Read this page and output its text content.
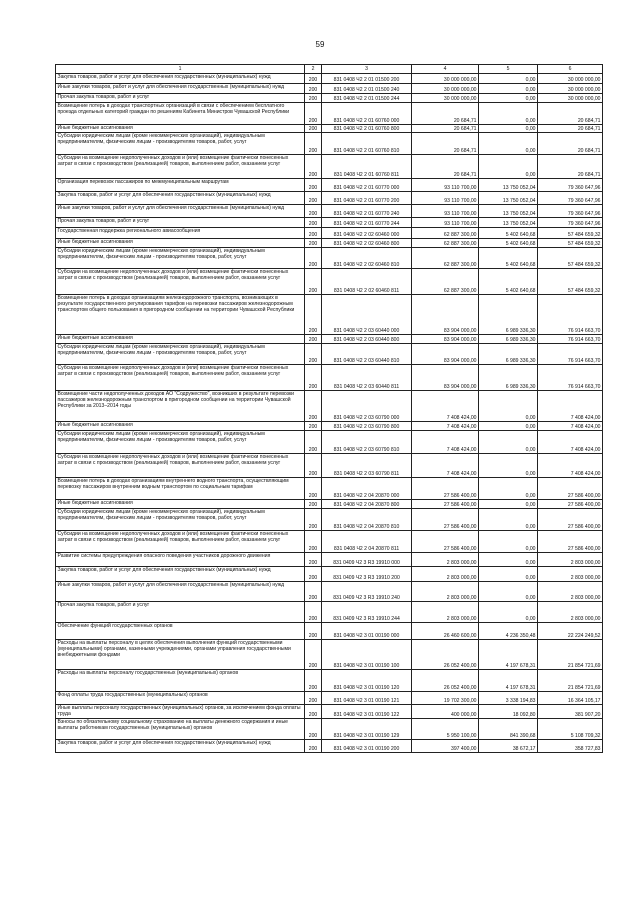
59
1	2	3	4	5	6
Закупка товаров, работ и услуг для обеспечения государственных (муниципальных) нужд	200	831 0408 Ч2 2 01 01500 200	30 000 000,00	0,00	30 000 000,00
Иные закупки товаров, работ и услуг для обеспечения государственных (муниципальных) нужд	200	831 0408 Ч2 2 01 01500 240	30 000 000,00	0,00	30 000 000,00
Прочая закупка товаров, работ и услуг	200	831 0408 Ч2 2 01 01500 244	30 000 000,00	0,00	30 000 000,00
Возмещение потерь в доходах транспортных организаций в связи с обеспечением бесплатного проезда отдельных категорий граждан по решениям Кабинета Министров Чувашской Республики	200	831 0408 Ч2 2 01 60760 000	20 684,71	0,00	20 684,71
Иные бюджетные ассигнования	200	831 0408 Ч2 2 01 60760 800	20 684,71	0,00	20 684,71
Субсидии юридическим лицам (кроме некоммерческих организаций), индивидуальным предпринимателям, физическим лицам - производителям товаров, работ, услуг	200	831 0408 Ч2 2 01 60760 810	20 684,71	0,00	20 684,71
Субсидии на возмещение недополученных доходов и (или) возмещение фактически понесенных затрат в связи с производством (реализацией) товаров, выполнением работ, оказанием услуг	200	831 0408 Ч2 2 01 60760 811	20 684,71	0,00	20 684,71
Организация перевозок пассажиров по межмуниципальным маршрутам	200	831 0408 Ч2 2 01 60770 000	93 110 700,00	13 750 052,04	79 360 647,96
Закупка товаров, работ и услуг для обеспечения государственных (муниципальных) нужд	200	831 0408 Ч2 2 01 60770 200	93 110 700,00	13 750 052,04	79 360 647,96
Иные закупки товаров, работ и услуг для обеспечения государственных (муниципальных) нужд	200	831 0408 Ч2 2 01 60770 240	93 110 700,00	13 750 052,04	79 360 647,96
Прочая закупка товаров, работ и услуг	200	831 0408 Ч2 2 01 60770 244	93 110 700,00	13 750 052,04	79 360 647,96
Государственная поддержка регионального авиасообщения	200	831 0408 Ч2 2 02 60460 000	62 887 300,00	5 402 640,68	57 484 659,32
Иные бюджетные ассигнования	200	831 0408 Ч2 2 02 60460 800	62 887 300,00	5 402 640,68	57 484 659,32
Субсидии юридическим лицам (кроме некоммерческих организаций), индивидуальным предпринимателям, физическим лицам - производителям товаров, работ, услуг	200	831 0408 Ч2 2 02 60460 810	62 887 300,00	5 402 640,68	57 484 659,32
Субсидии на возмещение недополученных доходов и (или) возмещение фактически понесенных затрат в связи с производством (реализацией) товаров, выполнением работ, оказанием услуг	200	831 0408 Ч2 2 02 60460 811	62 887 300,00	5 402 640,68	57 484 659,32
Возмещение потерь в доходах организациям железнодорожного транспорта, возникающих в результате государственного регулирования тарифов на перевозки пассажиров железнодорожным транспортом общего пользования в пригородном сообщении на территории Чувашской Республики	200	831 0408 Ч2 2 03 60440 000	83 904 000,00	6 989 336,30	76 914 663,70
Иные бюджетные ассигнования	200	831 0408 Ч2 2 03 60440 800	83 904 000,00	6 989 336,30	76 914 663,70
Субсидии юридическим лицам (кроме некоммерческих организаций), индивидуальным предпринимателям, физическим лицам - производителям товаров, работ, услуг	200	831 0408 Ч2 2 03 60440 810	83 904 000,00	6 989 336,30	76 914 663,70
Субсидии на возмещение недополученных доходов и (или) возмещение фактически понесенных затрат в связи с производством (реализацией) товаров, выполнением работ, оказанием услуг	200	831 0408 Ч2 2 03 60440 811	83 904 000,00	6 989 336,30	76 914 663,70
Возмещение части недополученных доходов АО "Содружество", возникших в результате перевозки пассажиров железнодорожным транспортом в пригородном сообщении на территории Чувашской Республики за 2013–2014 годы	200	831 0408 Ч2 2 03 60790 000	7 408 424,00	0,00	7 408 424,00
Иные бюджетные ассигнования	200	831 0408 Ч2 2 03 60790 800	7 408 424,00	0,00	7 408 424,00
Субсидии юридическим лицам (кроме некоммерческих организаций), индивидуальным предпринимателям, физическим лицам - производителям товаров, работ, услуг	200	831 0408 Ч2 2 03 60790 810	7 408 424,00	0,00	7 408 424,00
Субсидии на возмещение недополученных доходов и (или) возмещение фактически понесенных затрат в связи с производством (реализацией) товаров, выполнением работ, оказанием услуг	200	831 0408 Ч2 2 03 60790 811	7 408 424,00	0,00	7 408 424,00
Возмещение потерь в доходах организациям внутреннего водного транспорта, осуществляющим перевозку пассажиров внутренним водным транспортом по социальным тарифам	200	831 0408 Ч2 2 04 20870 000	27 586 400,00	0,00	27 586 400,00
Иные бюджетные ассигнования	200	831 0408 Ч2 2 04 20870 800	27 586 400,00	0,00	27 586 400,00
Субсидии юридическим лицам (кроме некоммерческих организаций), индивидуальным предпринимателям, физическим лицам - производителям товаров, работ, услуг	200	831 0408 Ч2 2 04 20870 810	27 586 400,00	0,00	27 586 400,00
Субсидии на возмещение недополученных доходов и (или) возмещение фактически понесенных затрат в связи с производством (реализацией) товаров, выполнением работ, оказанием услуг	200	831 0408 Ч2 2 04 20870 811	27 586 400,00	0,00	27 586 400,00
Развитие системы предупреждения опасного поведения участников дорожного движения	200	831 0409 Ч2 3 R3 19910 000	2 803 000,00	0,00	2 803 000,00
Закупка товаров, работ и услуг для обеспечения государственных (муниципальных) нужд	200	831 0409 Ч2 3 R3 19910 200	2 803 000,00	0,00	2 803 000,00
Иные закупки товаров, работ и услуг для обеспечения государственных (муниципальных) нужд	200	831 0409 Ч2 3 R3 19910 240	2 803 000,00	0,00	2 803 000,00
Прочая закупка товаров, работ и услуг	200	831 0409 Ч2 3 R3 19910 244	2 803 000,00	0,00	2 803 000,00
Обеспечение функций государственных органов	200	831 0408 Ч2 3 01 00190 000	26 460 600,00	4 236 350,48	22 224 249,52
Расходы на выплаты персоналу в целях обеспечения выполнения функций государственными (муниципальными) органами, казенными учреждениями, органами управления государственными внебюджетными фондами	200	831 0408 Ч2 3 01 00190 100	26 052 400,00	4 197 678,31	21 854 721,69
Расходы на выплаты персоналу государственных (муниципальных) органов	200	831 0408 Ч2 3 01 00190 120	26 052 400,00	4 197 678,31	21 854 721,69
Фонд оплаты труда государственных (муниципальных) органов	200	831 0408 Ч2 3 01 00190 121	19 702 300,00	3 338 194,83	16 364 105,17
Иные выплаты персоналу государственных (муниципальных) органов, за исключением фонда оплаты труда	200	831 0408 Ч2 3 01 00190 122	400 000,00	18 092,80	381 907,20
Взносы по обязательному социальному страхованию на выплаты денежного содержания и иные выплаты работникам государственных (муниципальных) органов	200	831 0408 Ч2 3 01 00190 129	5 950 100,00	841 390,68	5 108 709,32
Закупка товаров, работ и услуг для обеспечения государственных (муниципальных) нужд	200	831 0408 Ч2 3 01 00190 200	397 400,00	38 672,17	358 727,83
